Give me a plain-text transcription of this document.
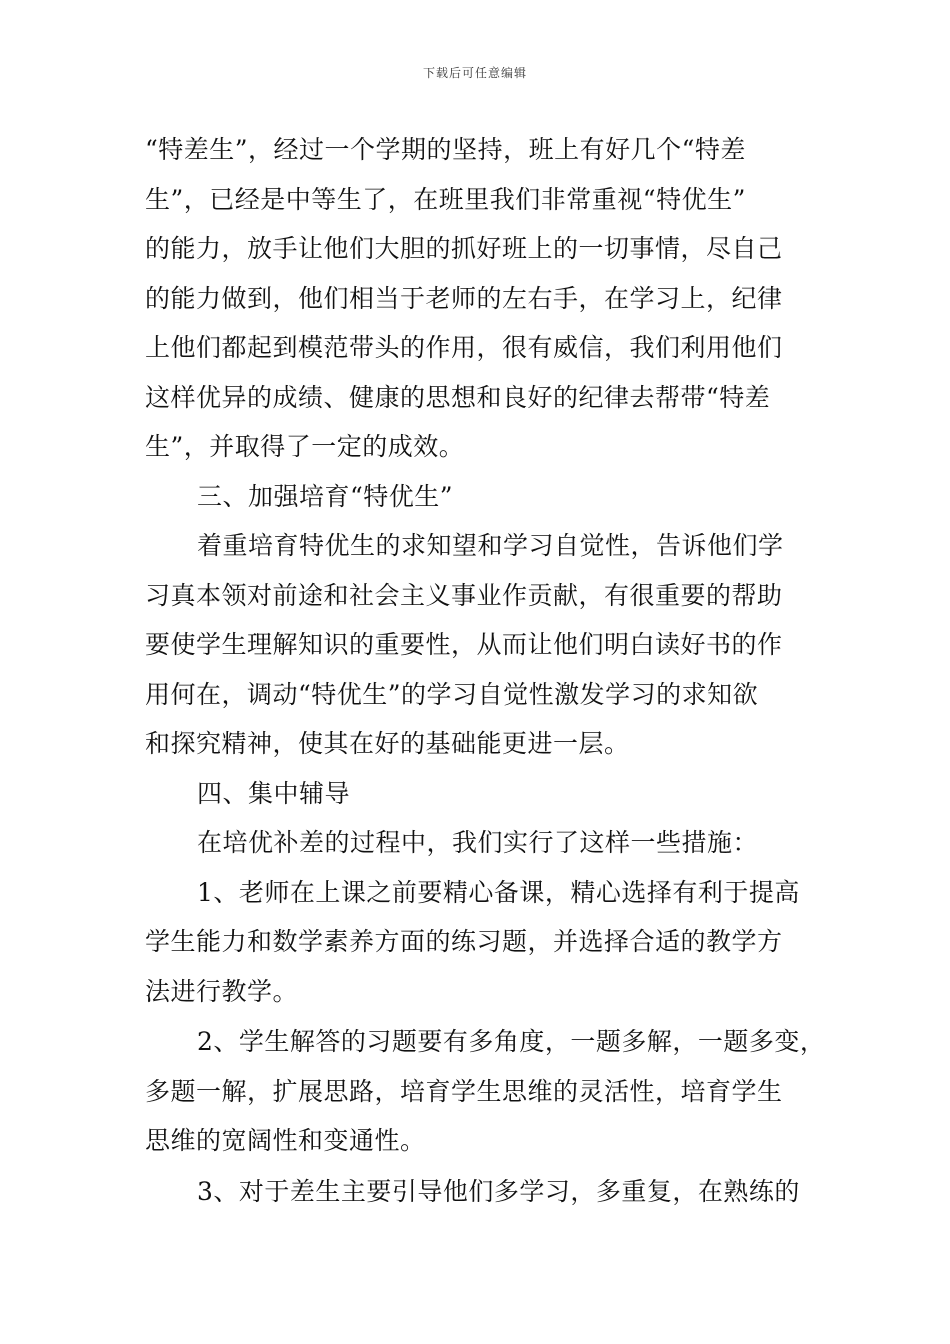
下载后可任意编辑
“特差生”，经过一个学期的坚持，班上有好几个“特差
生”，已经是中等生了，在班里我们非常重视“特优生”
的能力，放手让他们大胆的抓好班上的一切事情，尽自己
的能力做到，他们相当于老师的左右手，在学习上，纪律
上他们都起到模范带头的作用，很有威信，我们利用他们
这样优异的成绩、健康的思想和良好的纪律去帮带“特差
生”，并取得了一定的成效。
三、加强培育“特优生”
着重培育特优生的求知望和学习自觉性，告诉他们学
习真本领对前途和社会主义事业作贡献，有很重要的帮助
要使学生理解知识的重要性，从而让他们明白读好书的作
用何在，调动“特优生”的学习自觉性激发学习的求知欲
和探究精神，使其在好的基础能更进一层。
四、集中辅导
在培优补差的过程中，我们实行了这样一些措施：
1、老师在上课之前要精心备课，精心选择有利于提高
学生能力和数学素养方面的练习题，并选择合适的教学方
法进行教学。
2、学生解答的习题要有多角度，一题多解，一题多变，
多题一解，扩展思路，培育学生思维的灵活性，培育学生
思维的宽阔性和变通性。
3、对于差生主要引导他们多学习，多重复，在熟练的
